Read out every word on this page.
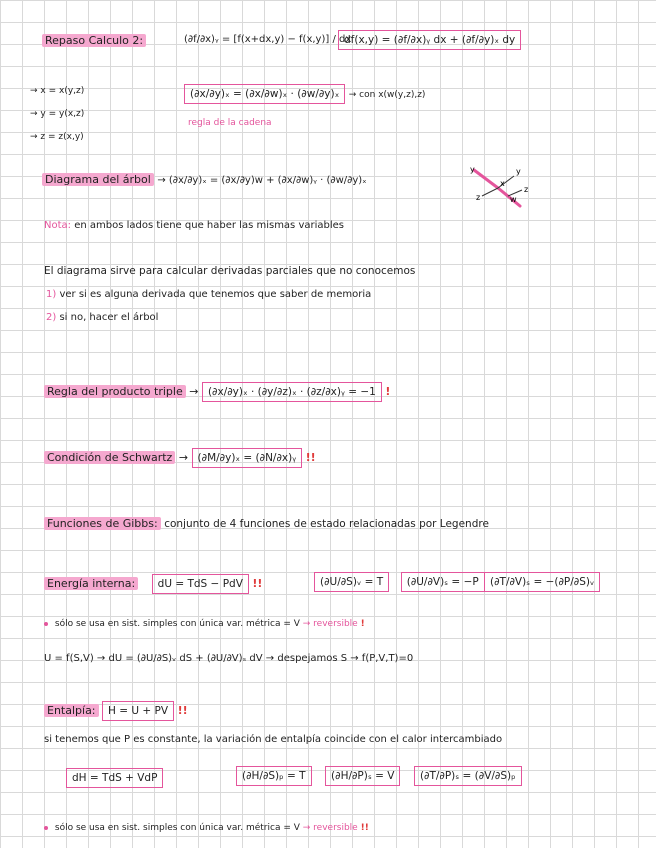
Repaso Calculo 2:	(∂f/∂x)ᵧ = [f(x+dx,y) − f(x,y)] / dx
df(x,y) = (∂f/∂x)ᵧ dx + (∂f/∂y)ₓ dy
→ x = x(y,z)
→ y = y(x,z)
→ z = z(x,y)
(∂x/∂y)ₓ = (∂x/∂w)ₓ · (∂w/∂y)ₓ → con x(w(y,z),z)
regla de la cadena
Diagrama del árbol → (∂x/∂y)ₓ = (∂x/∂y)w + (∂x/∂w)ᵧ · (∂w/∂y)ₓ
y
x
w
z
z
y
Nota: en ambos lados tiene que haber las mismas variables
El diagrama sirve para calcular derivadas parciales que no conocemos
1) ver si es alguna derivada que tenemos que saber de memoria
2) si no, hacer el árbol
Regla del producto triple → (∂x/∂y)ₓ · (∂y/∂z)ₓ · (∂z/∂x)ᵧ = −1 !
Condición de Schwartz → (∂M/∂y)ₓ = (∂N/∂x)ᵧ !!
Funciones de Gibbs: conjunto de 4 funciones de estado relacionadas por Legendre
Energía interna: dU = TdS − PdV !!	(∂U/∂S)ᵥ = T (∂U/∂V)ₛ = −P	(∂T/∂V)ₛ = −(∂P/∂S)ᵥ
sólo se usa en sist. simples con única var. métrica = V → reversible !
U = f(S,V) → dU = (∂U/∂S)ᵥ dS + (∂U/∂V)ₛ dV → despejamos S → f(P,V,T)=0
Entalpía: H = U + PV !!
si tenemos que P es constante, la variación de entalpía coincide con el calor intercambiado
dH = TdS + VdP	(∂H/∂S)ₚ = T (∂H/∂P)ₛ = V (∂T/∂P)ₛ = (∂V/∂S)ₚ
sólo se usa en sist. simples con única var. métrica = V → reversible !!
